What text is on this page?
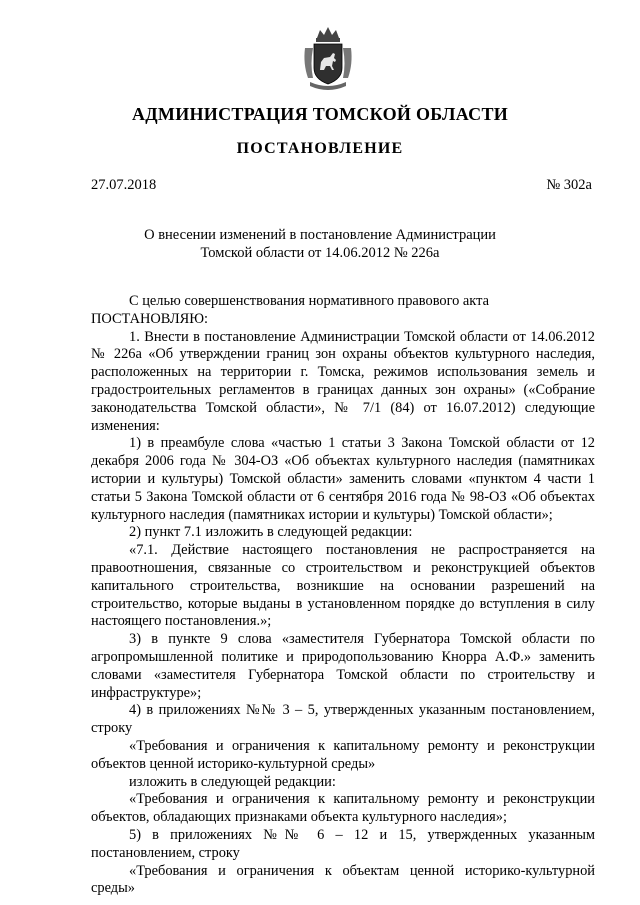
АДМИНИСТРАЦИЯ ТОМСКОЙ ОБЛАСТИ
ПОСТАНОВЛЕНИЕ
27.07.2018	№ 302а
О внесении изменений в постановление Администрации
Томской области от 14.06.2012 № 226а

С целью совершенствования нормативного правового акта

ПОСТАНОВЛЯЮ:

1. Внести в постановление Администрации Томской области от 14.06.2012 № 226а «Об утверждении границ зон охраны объектов культурного наследия, расположенных на территории г. Томска, режимов использования земель и градостроительных регламентов в границах данных зон охраны» («Собрание законодательства Томской области», № 7/1 (84) от 16.07.2012) следующие изменения:

1) в преамбуле слова «частью 1 статьи 3 Закона Томской области от 12 декабря 2006 года № 304-ОЗ «Об объектах культурного наследия (памятниках истории и культуры) Томской области» заменить словами «пунктом 4 части 1 статьи 5 Закона Томской области от 6 сентября 2016 года № 98-ОЗ «Об объектах культурного наследия (памятниках истории и культуры) Томской области»;

2) пункт 7.1 изложить в следующей редакции:

«7.1. Действие настоящего постановления не распространяется на правоотношения, связанные со строительством и реконструкцией объектов капитального строительства, возникшие на основании разрешений на строительство, которые выданы в установленном порядке до вступления в силу настоящего постановления.»;

3) в пункте 9 слова «заместителя Губернатора Томской области по агропромышленной политике и природопользованию Кнорра А.Ф.» заменить словами «заместителя Губернатора Томской области по строительству и инфраструктуре»;

4) в приложениях №№ 3 – 5, утвержденных указанным постановлением, строку

«Требования и ограничения к капитальному ремонту и реконструкции объектов ценной историко-культурной среды»

изложить в следующей редакции:

«Требования и ограничения к капитальному ремонту и реконструкции объектов, обладающих признаками объекта культурного наследия»;

5) в приложениях №№ 6 – 12 и 15, утвержденных указанным постановлением, строку

«Требования и ограничения к объектам ценной историко-культурной среды»
